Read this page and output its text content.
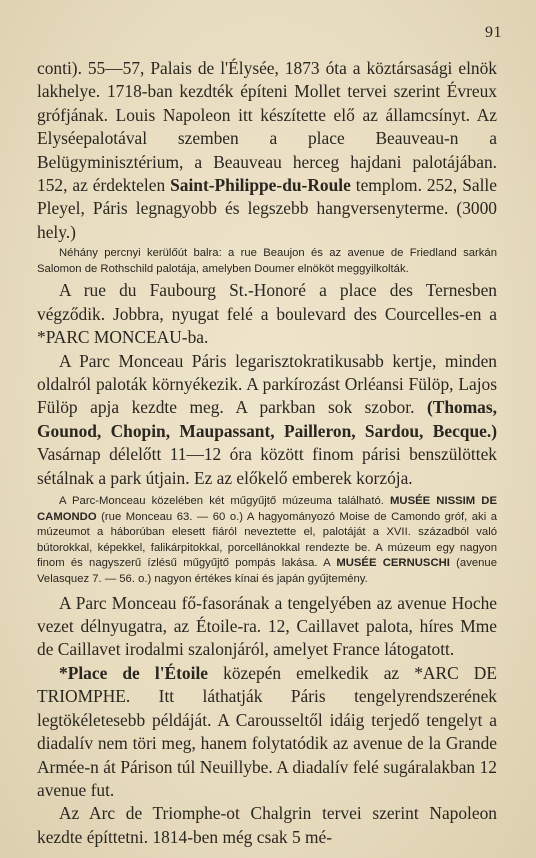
91

conti). 55—57, Palais de l'Élysée, 1873 óta a köztársasági elnök lakhelye. 1718-ban kezdték építeni Mollet tervei szerint Évreux grófjának. Louis Napoleon itt készítette elő az államcsínyt. Az Elyséepalotával szemben a place Beauveau-n a Belügyminisztérium, a Beauveau herceg hajdani palotájában. 152, az érdektelen Saint-Philippe-du-Roule templom. 252, Salle Pleyel, Páris legnagyobb és legszebb hangversenyterme. (3000 hely.)

Néhány percnyi kerülőút balra: a rue Beaujon és az avenue de Friedland sarkán Salomon de Rothschild palotája, amelyben Doumer elnököt meggyilkolták.

A rue du Faubourg St.-Honoré a place des Ternesben végződik. Jobbra, nyugat felé a boulevard des Courcelles-en a *PARC MONCEAU-ba.

A Parc Monceau Páris legarisztokratikusabb kertje, minden oldalról paloták környékezik. A parkírozást Orléansi Fülöp, Lajos Fülöp apja kezdte meg. A parkban sok szobor. (Thomas, Gounod, Chopin, Maupassant, Pailleron, Sardou, Becque.) Vasárnap délelőtt 11—12 óra között finom párisi benszülöttek sétálnak a park útjain. Ez az előkelő emberek korzója.

A Parc-Monceau közelében két műgyűjtő múzeuma található. MUSÉE NISSIM DE CAMONDO (rue Monceau 63. — 60 o.) A hagyományozó Moise de Camondo gróf, aki a múzeumot a háborúban elesett fiáról neveztette el, palotáját a XVII. századból való bútorokkal, képekkel, falikárpitokkal, porcellánokkal rendezte be. A múzeum egy nagyon finom és nagyszerű ízlésű műgyűjtő pompás lakása. A MUSÉE CERNUSCHI (avenue Velasquez 7. — 56. o.) nagyon értékes kínai és japán gyűjtemény.

A Parc Monceau fő-fasorának a tengelyében az avenue Hoche vezet délnyugatra, az Étoile-ra. 12, Caillavet palota, híres Mme de Caillavet irodalmi szalonjáról, amelyet France látogatott.

*Place de l'Étoile közepén emelkedik az *ARC DE TRIOMPHE. Itt láthatják Páris tengelyrendszerének legtökéletesebb példáját. A Carousseltől idáig terjedő tengelyt a diadalív nem töri meg, hanem folytatódik az avenue de la Grande Armée-n át Párison túl Neuillybe. A diadalív felé sugáralakban 12 avenue fut.

Az Arc de Triomphe-ot Chalgrin tervei szerint Napoleon kezdte építtetni. 1814-ben még csak 5 mé-
